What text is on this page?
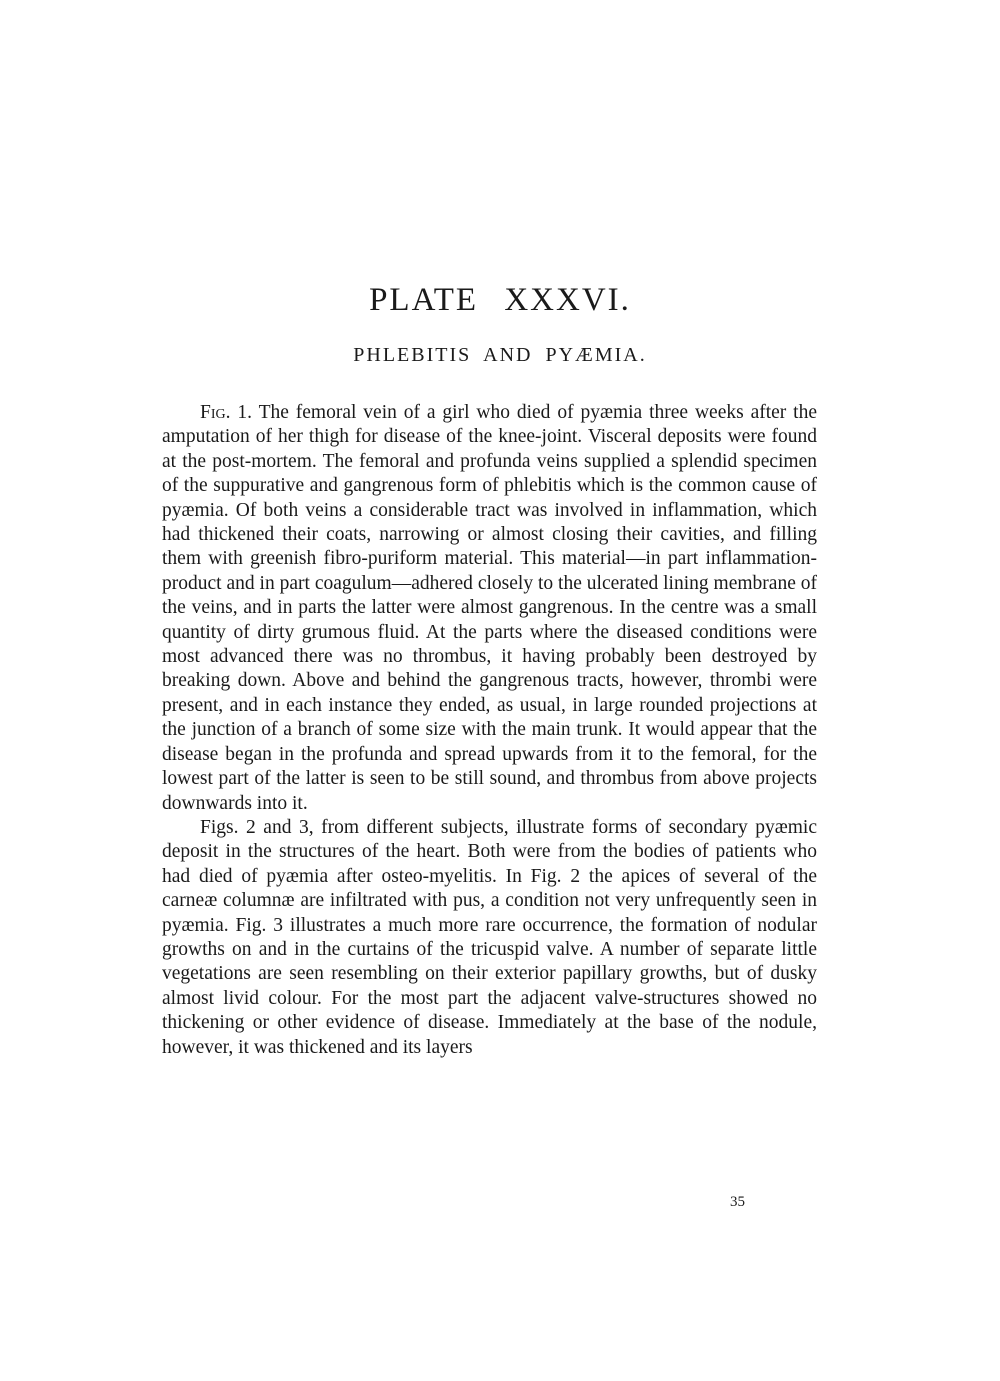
PLATE XXXVI.
PHLEBITIS AND PYÆMIA.

Fig. 1. The femoral vein of a girl who died of pyæmia three weeks after the amputation of her thigh for disease of the knee-joint. Visceral deposits were found at the post-mortem. The femoral and profunda veins supplied a splendid specimen of the suppurative and gangrenous form of phlebitis which is the common cause of pyæmia. Of both veins a considerable tract was involved in inflammation, which had thickened their coats, narrowing or almost closing their cavities, and filling them with greenish fibro-puriform material. This material—in part inflammation-product and in part coagulum—adhered closely to the ulcerated lining membrane of the veins, and in parts the latter were almost gangrenous. In the centre was a small quantity of dirty grumous fluid. At the parts where the diseased conditions were most advanced there was no thrombus, it having probably been destroyed by breaking down. Above and behind the gangrenous tracts, however, thrombi were present, and in each instance they ended, as usual, in large rounded projections at the junction of a branch of some size with the main trunk. It would appear that the disease began in the profunda and spread upwards from it to the femoral, for the lowest part of the latter is seen to be still sound, and thrombus from above projects downwards into it.

Figs. 2 and 3, from different subjects, illustrate forms of secondary pyæmic deposit in the structures of the heart. Both were from the bodies of patients who had died of pyæmia after osteo-myelitis. In Fig. 2 the apices of several of the carneæ columnæ are infiltrated with pus, a condition not very unfrequently seen in pyæmia. Fig. 3 illustrates a much more rare occurrence, the formation of nodular growths on and in the curtains of the tricuspid valve. A number of separate little vegetations are seen resembling on their exterior papillary growths, but of dusky almost livid colour. For the most part the adjacent valve-structures showed no thickening or other evidence of disease. Immediately at the base of the nodule, however, it was thickened and its layers

35
